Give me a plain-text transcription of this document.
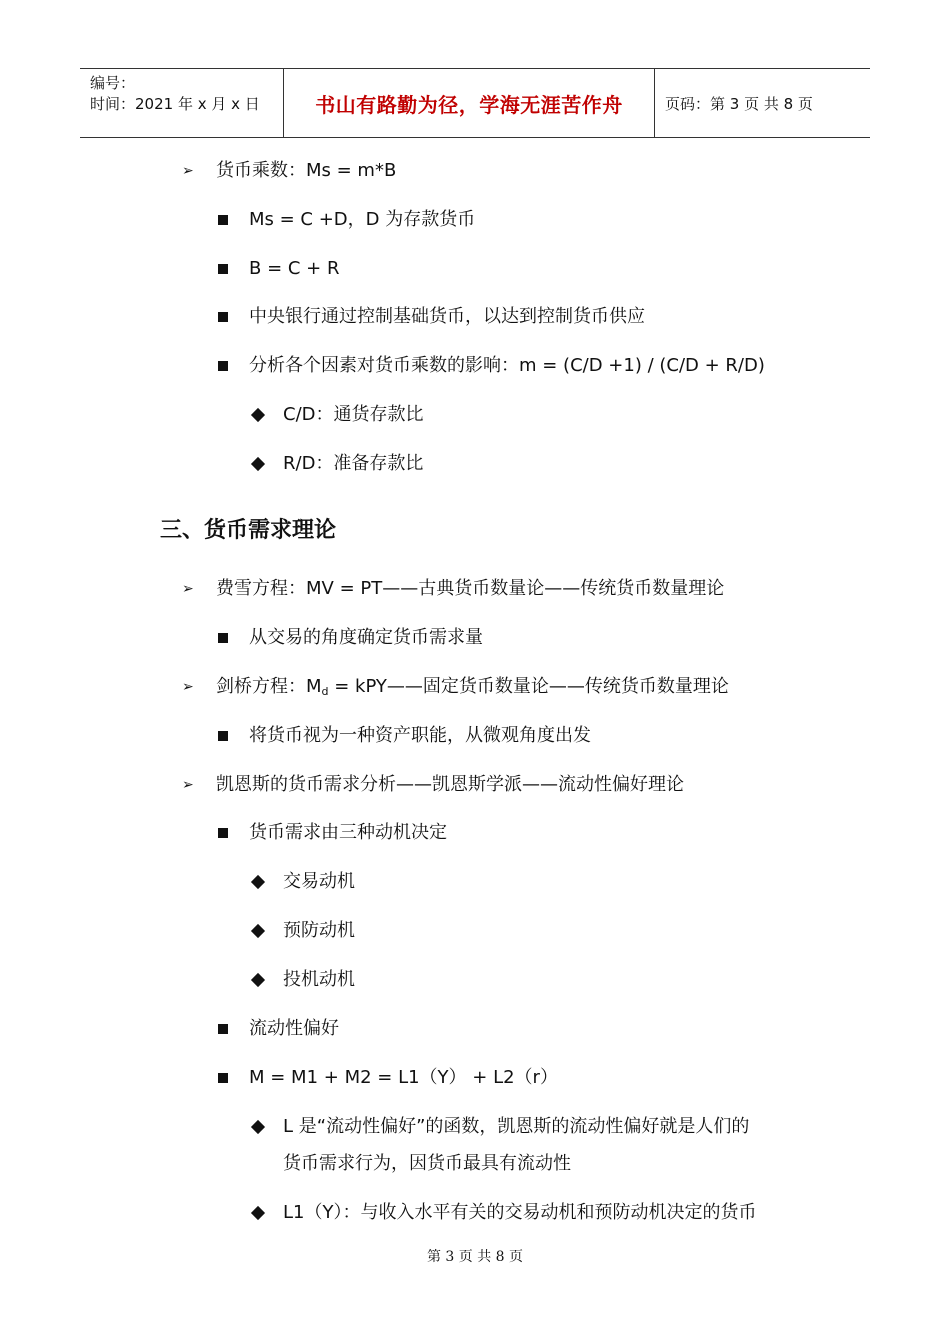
编号：
时间：2021 年 x 月 x 日	书山有路勤为径，学海无涯苦作舟	页码：第 3 页 共 8 页
➢ 货币乘数：Ms = m*B
Ms = C +D，D 为存款货币
B = C + R
中央银行通过控制基础货币，以达到控制货币供应
分析各个因素对货币乘数的影响：m = (C/D +1) / (C/D + R/D)
C/D：通货存款比
R/D：准备存款比
三、货币需求理论
➢ 费雪方程：MV = PT——古典货币数量论——传统货币数量理论
从交易的角度确定货币需求量
➢ 剑桥方程：$M_d$ = kPY——固定货币数量论——传统货币数量理论
将货币视为一种资产职能，从微观角度出发
➢ 凯恩斯的货币需求分析——凯恩斯学派——流动性偏好理论
货币需求由三种动机决定
交易动机
预防动机
投机动机
流动性偏好
M = M1 + M2 = L1（Y） + L2（r）
L 是“流动性偏好”的函数，凯恩斯的流动性偏好就是人们的
货币需求行为，因货币最具有流动性
L1（Y）：与收入水平有关的交易动机和预防动机决定的货币
第 3 页 共 8 页
